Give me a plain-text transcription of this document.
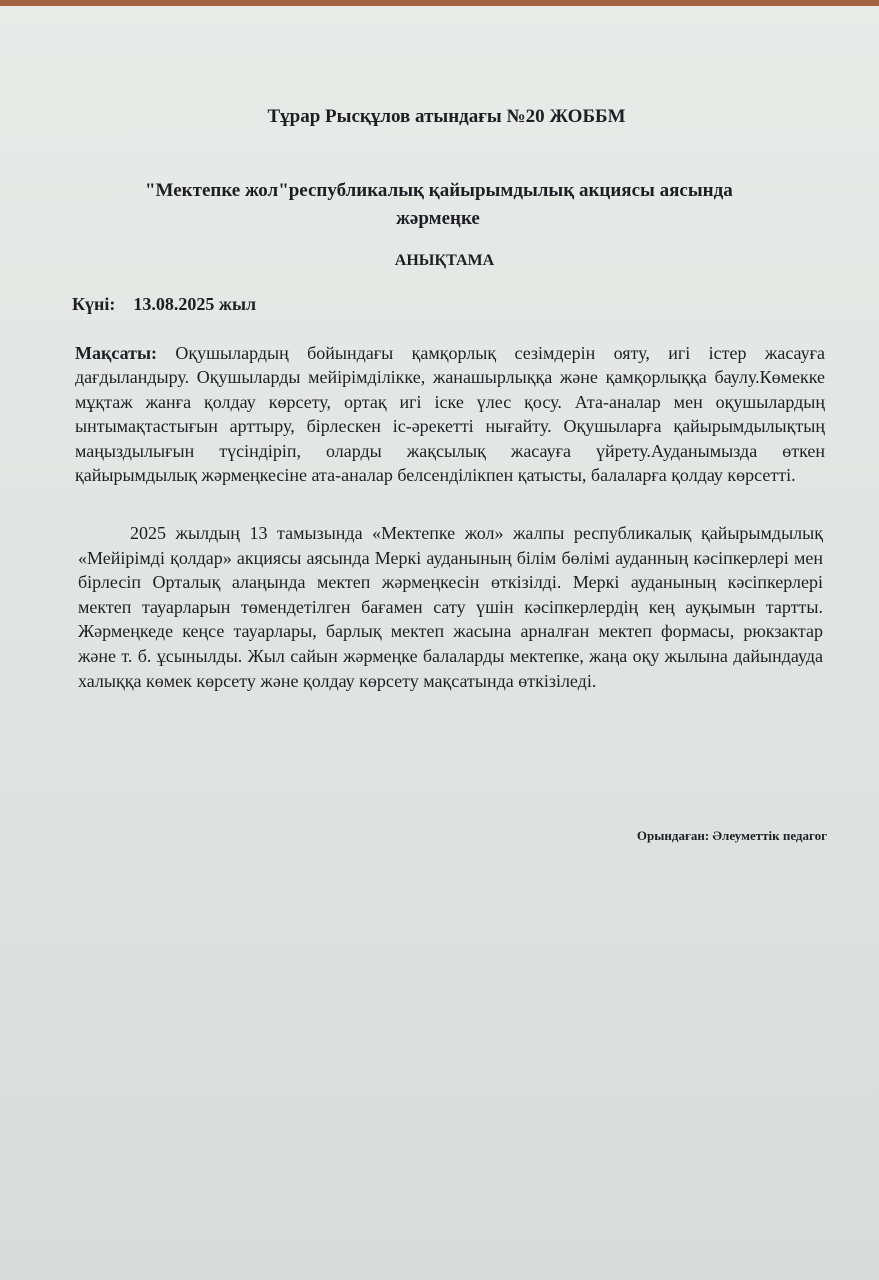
Тұрар Рысқұлов атындағы №20 ЖОББМ
"Мектепке жол"республикалық қайырымдылық акциясы аясында
жәрмеңке
АНЫҚТАМА
Күні: 13.08.2025 жыл
Мақсаты: Оқушылардың бойындағы қамқорлық сезімдерін ояту, игі істер жасауға дағдыландыру. Оқушыларды мейірімділікке, жанашырлыққа және қамқорлыққа баулу.Көмекке мұқтаж жанға қолдау көрсету, ортақ игі іске үлес қосу. Ата-аналар мен оқушылардың ынтымақтастығын арттыру, бірлескен іс-әрекетті нығайту. Оқушыларға қайырымдылықтың маңыздылығын түсіндіріп, оларды жақсылық жасауға үйрету.Ауданымызда өткен қайырымдылық жәрмеңкесіне ата-аналар белсенділікпен қатысты, балаларға қолдау көрсетті.
2025 жылдың 13 тамызында «Мектепке жол» жалпы республикалық қайырымдылық «Мейірімді қолдар» акциясы аясында Меркі ауданының білім бөлімі ауданның кәсіпкерлері мен бірлесіп Орталық алаңында мектеп жәрмеңкесін өткізілді. Меркі ауданының кәсіпкерлері мектеп тауарларын төмендетілген бағамен сату үшін кәсіпкерлердің кең ауқымын тартты. Жәрмеңкеде кеңсе тауарлары, барлық мектеп жасына арналған мектеп формасы, рюкзактар және т. б. ұсынылды. Жыл сайын жәрмеңке балаларды мектепке, жаңа оқу жылына дайындауда халыққа көмек көрсету және қолдау көрсету мақсатында өткізіледі.
Орындаған: Әлеуметтік педагог
